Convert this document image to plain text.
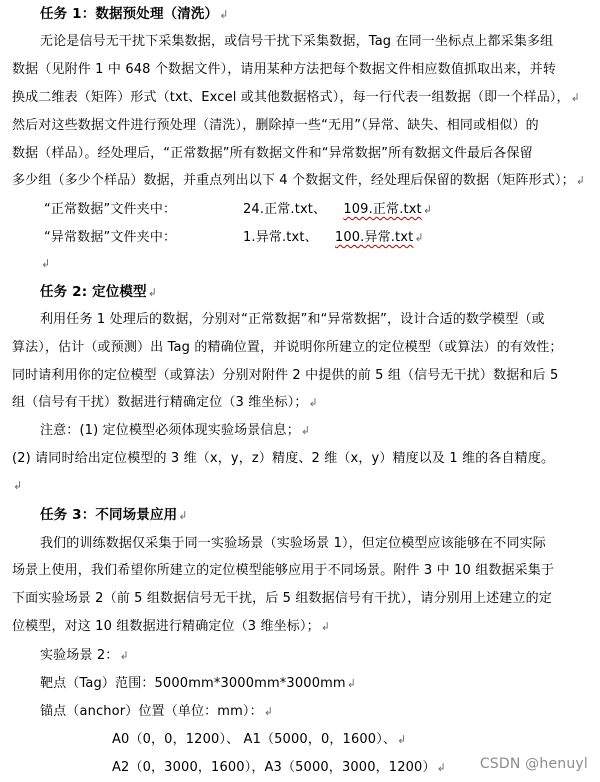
任务 1：数据预处理（清洗）↲
无论是信号无干扰下采集数据，或信号干扰下采集数据，Tag 在同一坐标点上都采集多组
数据（见附件 1 中 648 个数据文件），请用某种方法把每个数据文件相应数值抓取出来，并转
换成二维表（矩阵）形式（txt、Excel 或其他数据格式），每一行代表一组数据（即一个样品），↲
然后对这些数据文件进行预处理（清洗），删除掉一些“无用”（异常、缺失、相同或相似）的
数据（样品）。经处理后，“正常数据”所有数据文件和“异常数据”所有数据文件最后各保留
多少组（多少个样品）数据，并重点列出以下 4 个数据文件，经处理后保留的数据（矩阵形式）；↲
“正常数据”文件夹中：	24.正常.txt、 109.正常.txt↲
“异常数据”文件夹中：	1.异常.txt、 100.异常.txt↲
↲
任务 2: 定位模型↲
利用任务 1 处理后的数据，分别对“正常数据”和“异常数据”，设计合适的数学模型（或
算法），估计（或预测）出 Tag 的精确位置，并说明你所建立的定位模型（或算法）的有效性；
同时请利用你的定位模型（或算法）分别对附件 2 中提供的前 5 组（信号无干扰）数据和后 5
组（信号有干扰）数据进行精确定位（3 维坐标）；↲
注意：(1) 定位模型必须体现实验场景信息；↲
(2) 请同时给出定位模型的 3 维（x，y，z）精度、2 维（x，y）精度以及 1 维的各自精度。
↲
任务 3：不同场景应用↲
我们的训练数据仅采集于同一实验场景（实验场景 1），但定位模型应该能够在不同实际
场景上使用，我们希望你所建立的定位模型能够应用于不同场景。附件 3 中 10 组数据采集于
下面实验场景 2（前 5 组数据信号无干扰，后 5 组数据信号有干扰），请分别用上述建立的定
位模型，对这 10 组数据进行精确定位（3 维坐标）；↲
实验场景 2：↲
靶点（Tag）范围：5000mm*3000mm*3000mm↲
锚点（anchor）位置（单位：mm）：↲
A0（0，0，1200）、 A1（5000，0，1600）、↲
A2（0，3000，1600），A3（5000，3000，1200）↲	CSDN @henuyl
